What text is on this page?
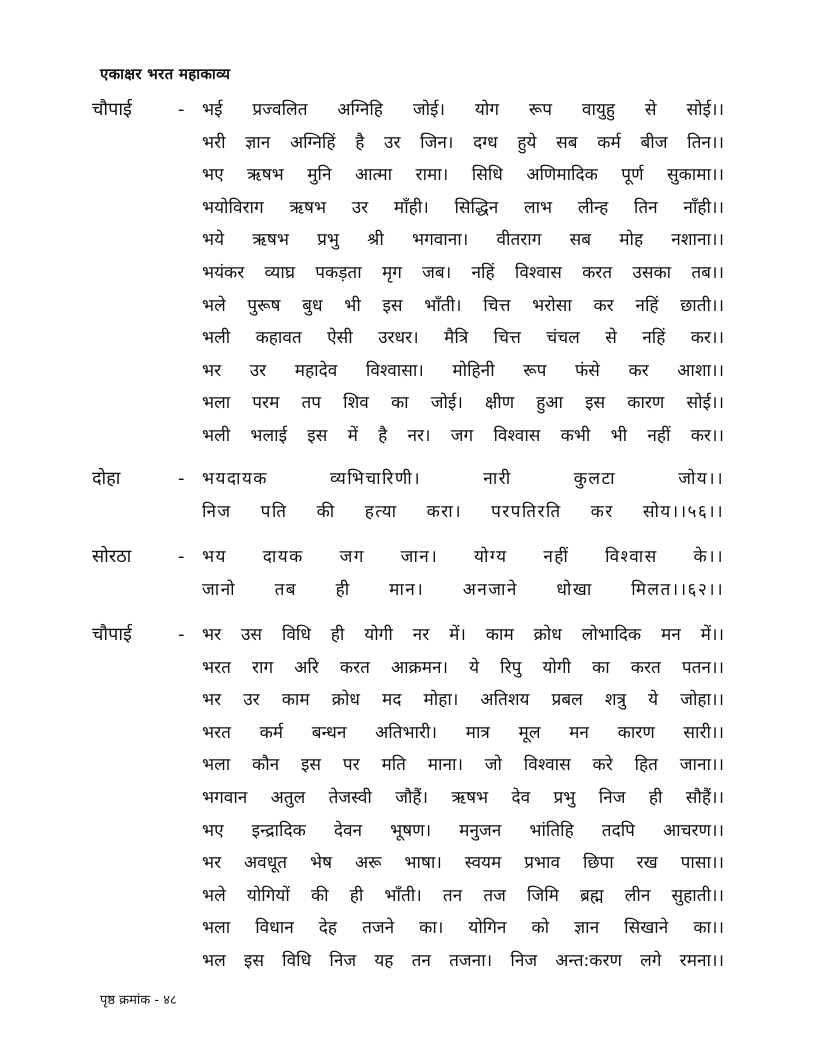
एकाक्षर भरत महाकाव्य
चौपाई	- भई प्रज्वलित अग्निहि जोई। योग रूप वायुहु से सोई।।
भरी ज्ञान अग्निहिं है उर जिन। दग्ध हुये सब कर्म बीज तिन।।
भए ऋषभ मुनि आत्मा रामा। सिधि अणिमादिक पूर्ण सुकामा।।
भयोविराग ऋषभ उर माँही। सिद्धिन लाभ लीन्ह तिन नाँही।।
भये ऋषभ प्रभु श्री भगवाना। वीतराग सब मोह नशाना।।
भयंकर व्याघ्र पकड़ता मृग जब। नहिं विश्वास करत उसका तब।।
भले पुरूष बुध भी इस भाँती। चित्त भरोसा कर नहिं छाती।।
भली कहावत ऐसी उरधर। मैत्रि चित्त चंचल से नहिं कर।।
भर उर महादेव विश्वासा। मोहिनी रूप फंसे कर आशा।।
भला परम तप शिव का जोई। क्षीण हुआ इस कारण सोई।।
भली भलाई इस में है नर। जग विश्वास कभी भी नहीं कर।।
दोहा	- भयदायक व्यभिचारिणी। नारी कुलटा जोय।।
निज पति की हत्या करा। परपतिरति कर सोय।।५६।।
सोरठा	- भय दायक जग जान। योग्य नहीं विश्वास के।।
जानो तब ही मान। अनजाने धोखा मिलत।।६२।।
चौपाई	- भर उस विधि ही योगी नर में। काम क्रोध लोभादिक मन में।।
भरत राग अरि करत आक्रमन। ये रिपु योगी का करत पतन।।
भर उर काम क्रोध मद मोहा। अतिशय प्रबल शत्रु ये जोहा।।
भरत कर्म बन्धन अतिभारी। मात्र मूल मन कारण सारी।।
भला कौन इस पर मति माना। जो विश्वास करे हित जाना।।
भगवान अतुल तेजस्वी जौहैं। ऋषभ देव प्रभु निज ही सौहैं।।
भए इन्द्रादिक देवन भूषण। मनुजन भांतिहि तदपि आचरण।।
भर अवधूत भेष अरू भाषा। स्वयम प्रभाव छिपा रख पासा।।
भले योगियों की ही भाँती। तन तज जिमि ब्रह्म लीन सुहाती।।
भला विधान देह तजने का। योगिन को ज्ञान सिखाने का।।
भल इस विधि निज यह तन तजना। निज अन्त:करण लगे रमना।।
पृष्ठ क्रमांक - ४८
